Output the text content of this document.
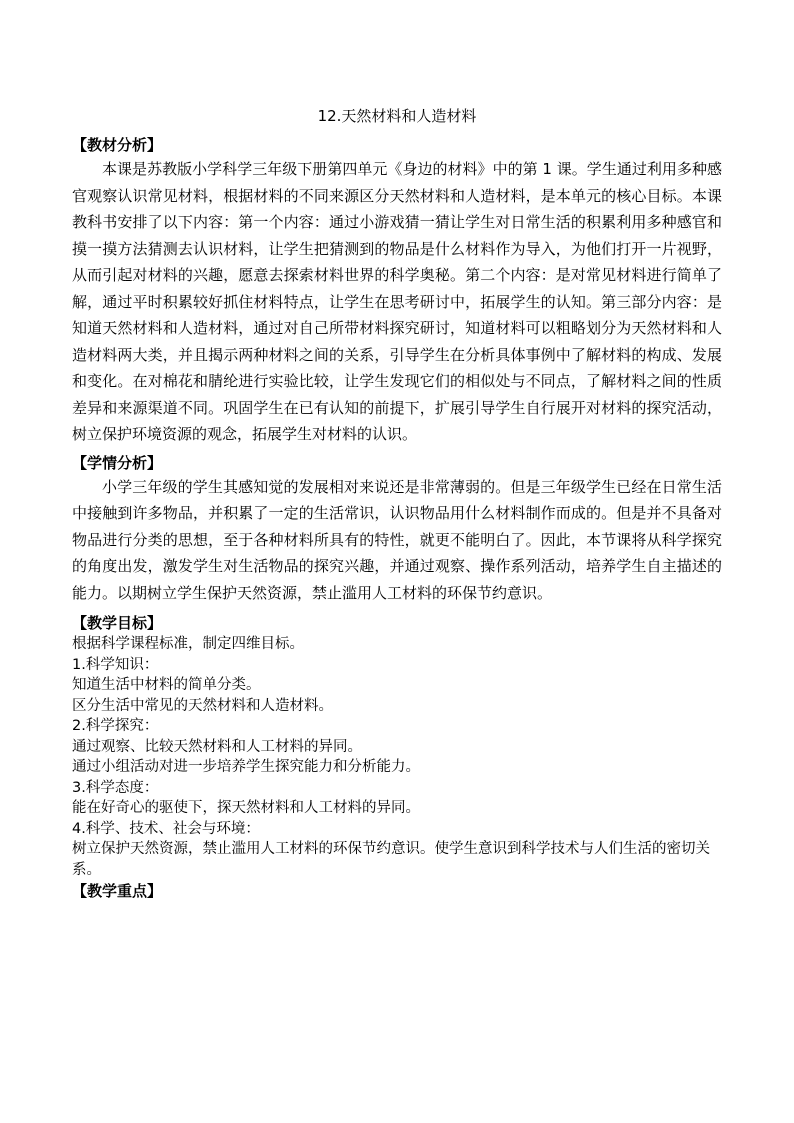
12.天然材料和人造材料

【教材分析】

本课是苏教版小学科学三年级下册第四单元《身边的材料》中的第 1 课。学生通过利用多种感官观察认识常见材料，根据材料的不同来源区分天然材料和人造材料，是本单元的核心目标。本课教科书安排了以下内容：第一个内容：通过小游戏猜一猜让学生对日常生活的积累利用多种感官和摸一摸方法猜测去认识材料，让学生把猜测到的物品是什么材料作为导入，为他们打开一片视野，从而引起对材料的兴趣，愿意去探索材料世界的科学奥秘。第二个内容：是对常见材料进行简单了解，通过平时积累较好抓住材料特点，让学生在思考研讨中，拓展学生的认知。第三部分内容：是知道天然材料和人造材料，通过对自己所带材料探究研讨，知道材料可以粗略划分为天然材料和人造材料两大类，并且揭示两种材料之间的关系，引导学生在分析具体事例中了解材料的构成、发展和变化。在对棉花和腈纶进行实验比较，让学生发现它们的相似处与不同点，了解材料之间的性质差异和来源渠道不同。巩固学生在已有认知的前提下，扩展引导学生自行展开对材料的探究活动，树立保护环境资源的观念，拓展学生对材料的认识。

【学情分析】

小学三年级的学生其感知觉的发展相对来说还是非常薄弱的。但是三年级学生已经在日常生活中接触到许多物品，并积累了一定的生活常识，认识物品用什么材料制作而成的。但是并不具备对物品进行分类的思想，至于各种材料所具有的特性，就更不能明白了。因此，本节课将从科学探究的角度出发，激发学生对生活物品的探究兴趣，并通过观察、操作系列活动，培养学生自主描述的能力。以期树立学生保护天然资源，禁止滥用人工材料的环保节约意识。

【教学目标】

根据科学课程标准，制定四维目标。

1.科学知识：

知道生活中材料的简单分类。

区分生活中常见的天然材料和人造材料。

2.科学探究：

通过观察、比较天然材料和人工材料的异同。

通过小组活动对进一步培养学生探究能力和分析能力。

3.科学态度：

能在好奇心的驱使下，探天然材料和人工材料的异同。

4.科学、技术、社会与环境：

树立保护天然资源，禁止滥用人工材料的环保节约意识。使学生意识到科学技术与人们生活的密切关系。

【教学重点】
